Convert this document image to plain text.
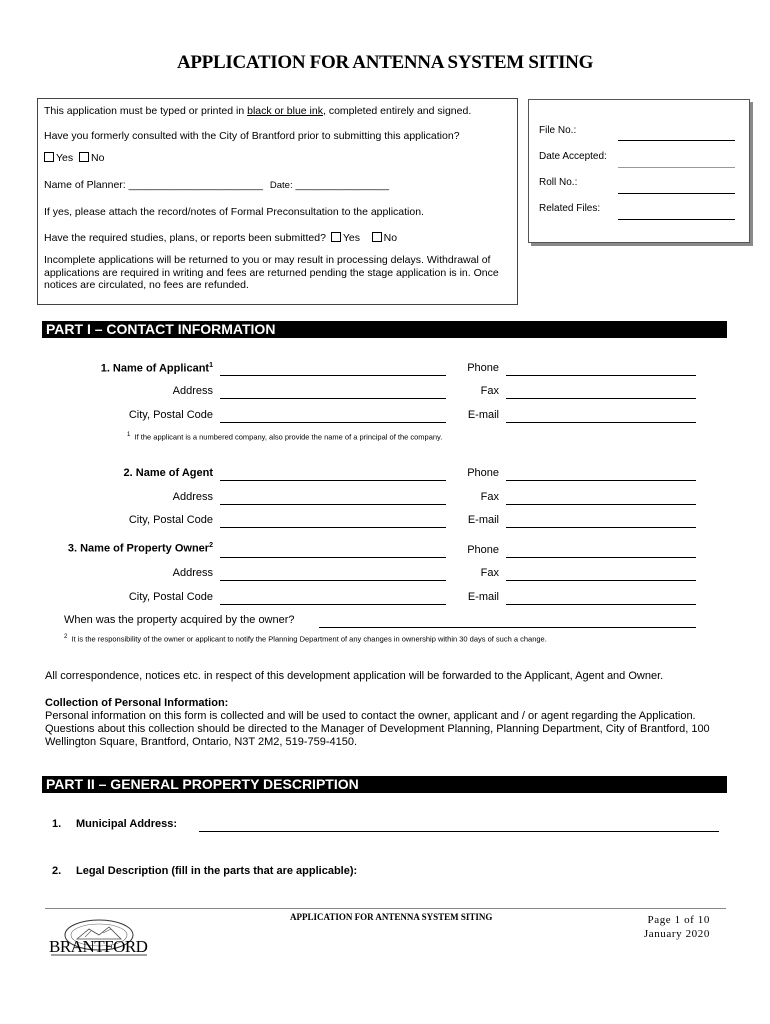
APPLICATION FOR ANTENNA SYSTEM SITING
This application must be typed or printed in black or blue ink, completed entirely and signed.
Have you formerly consulted with the City of Brantford prior to submitting this application?
Yes No
Name of Planner: _______________________ Date: ________________
If yes, please attach the record/notes of Formal Preconsultation to the application.
Have the required studies, plans, or reports been submitted? Yes No
Incomplete applications will be returned to you or may result in processing delays. Withdrawal of applications are required in writing and fees are returned pending the stage application is in. Once notices are circulated, no fees are refunded.
File No.:
Date Accepted:
Roll No.:
Related Files:
PART I – CONTACT INFORMATION
1. Name of Applicant$^1$
Address
City, Postal Code
Phone
Fax
E-mail
$^1$ If the applicant is a numbered company, also provide the name of a principal of the company.
2. Name of Agent
Address
City, Postal Code
Phone
Fax
E-mail
3. Name of Property Owner$^2$
Address
City, Postal Code
Phone
Fax
E-mail
When was the property acquired by the owner?
$^2$ It is the responsibility of the owner or applicant to notify the Planning Department of any changes in ownership within 30 days of such a change.
All correspondence, notices etc. in respect of this development application will be forwarded to the Applicant, Agent and Owner.
Collection of Personal Information:
Personal information on this form is collected and will be used to contact the owner, applicant and / or agent regarding the Application. Questions about this collection should be directed to the Manager of Development Planning, Planning Department, City of Brantford, 100 Wellington Square, Brantford, Ontario, N3T 2M2, 519-759-4150.
PART II – GENERAL PROPERTY DESCRIPTION
1. Municipal Address:
2. Legal Description (fill in the parts that are applicable):
BRANTFORD
APPLICATION FOR ANTENNA SYSTEM SITING	Page 1 of 10
January 2020
